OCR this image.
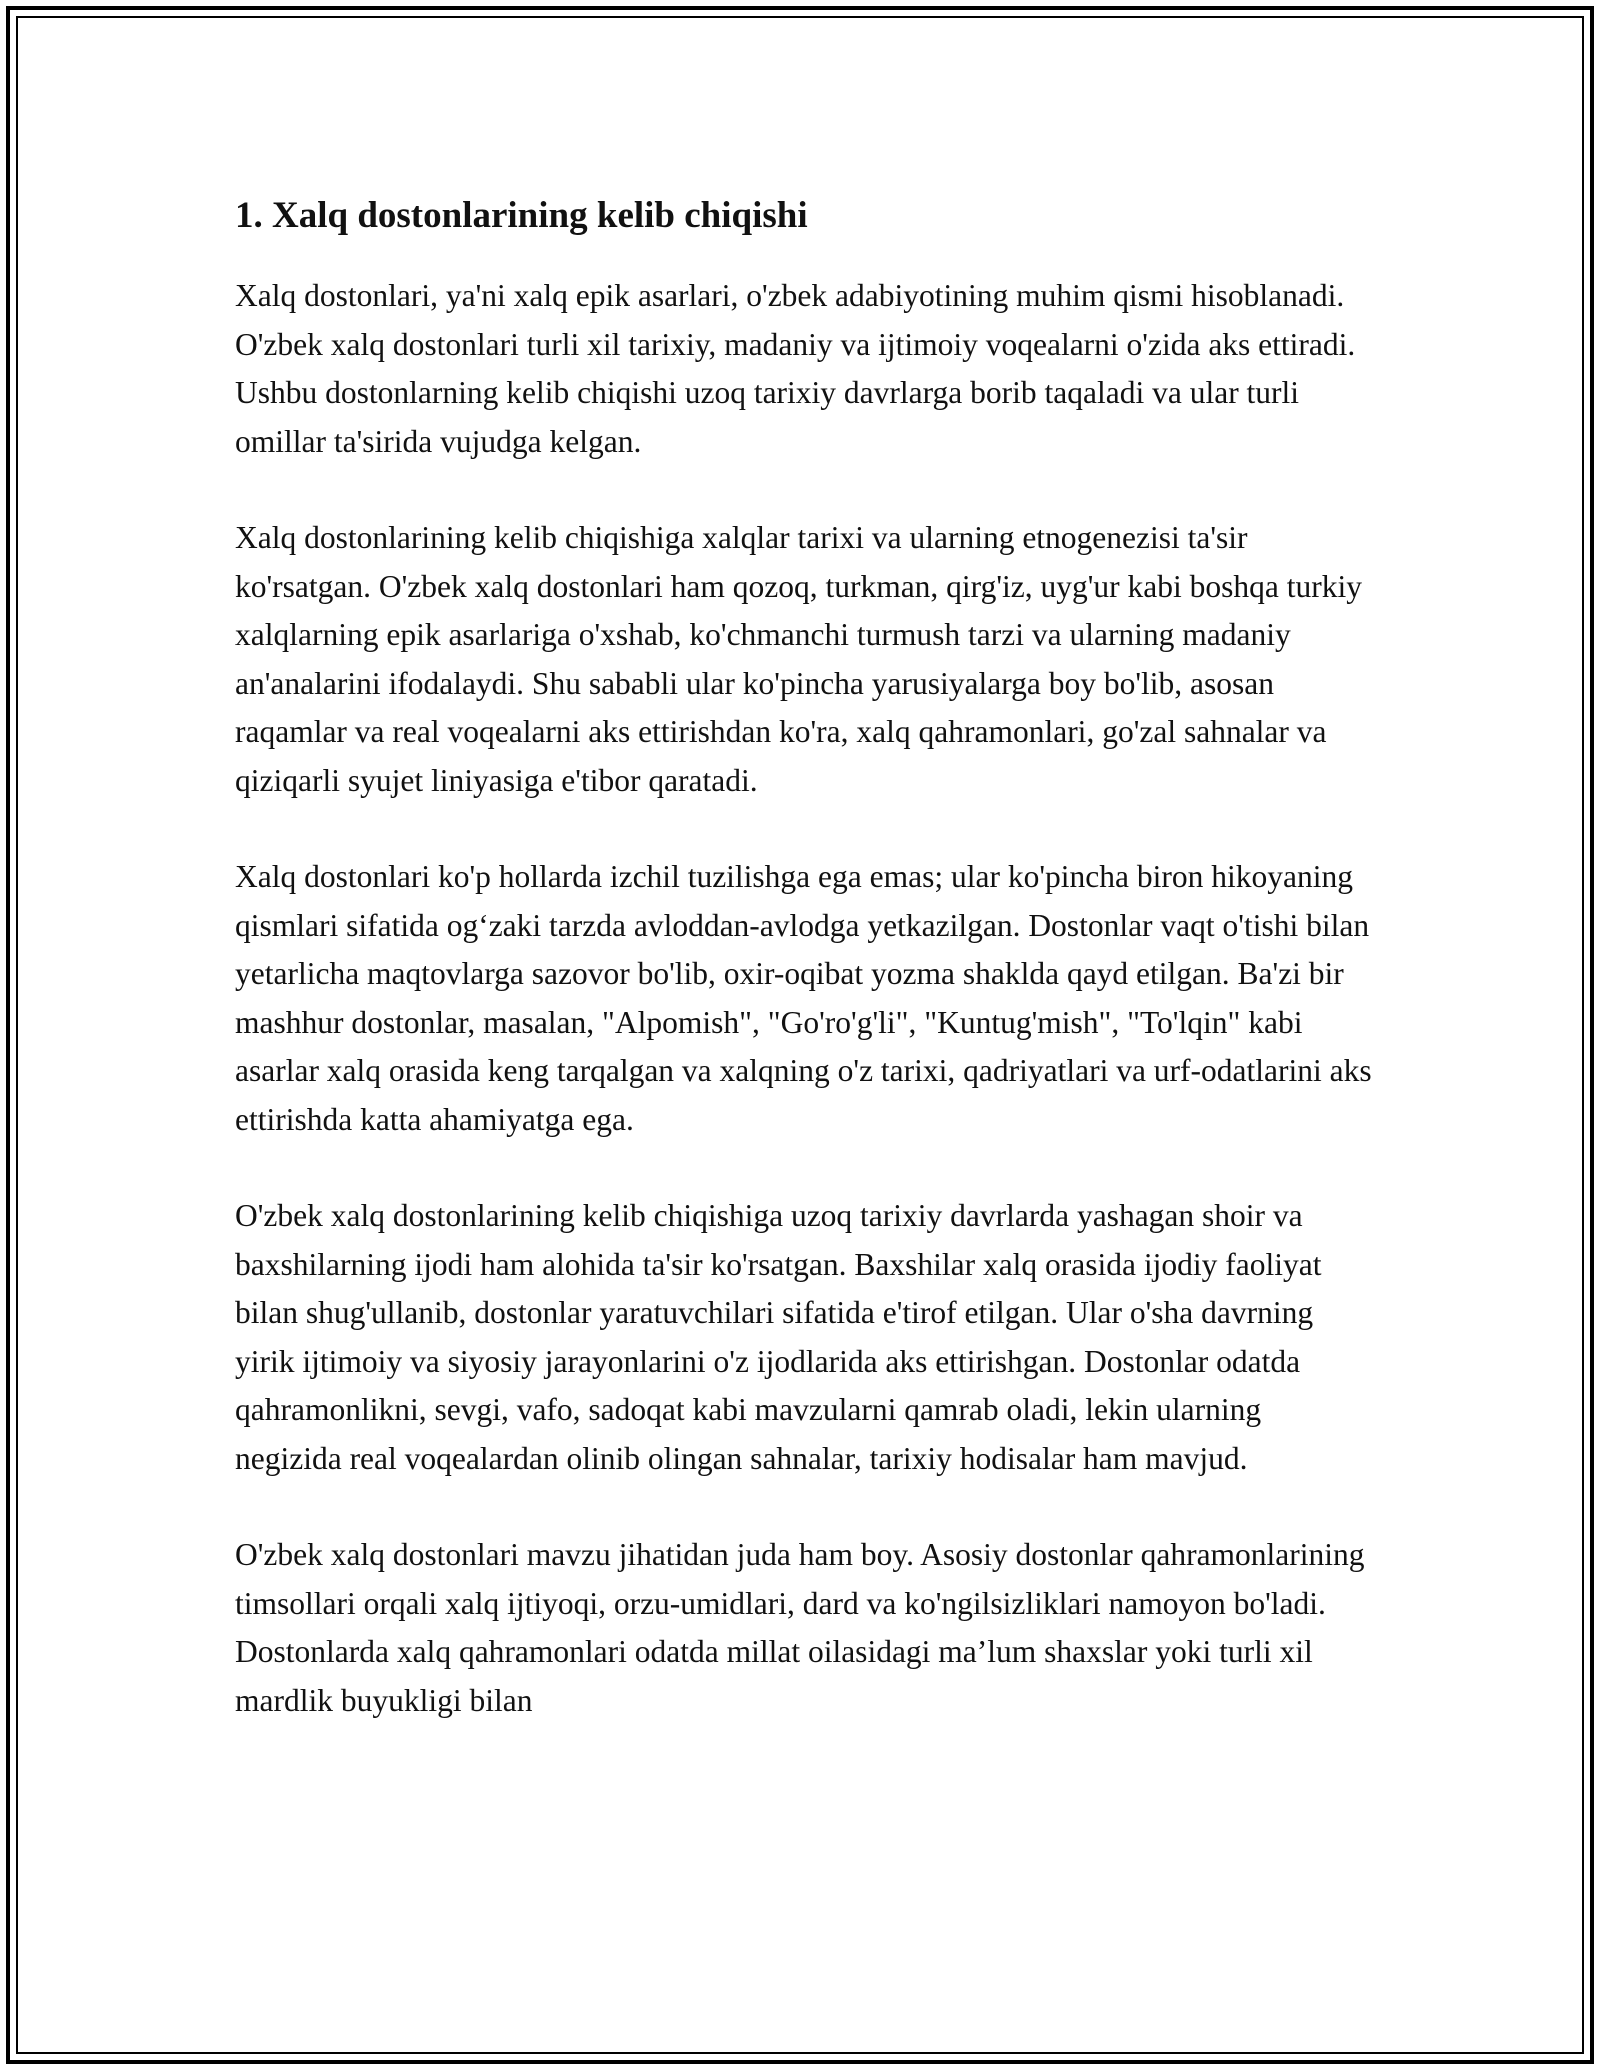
1. Xalq dostonlarining kelib chiqishi

Xalq dostonlari, ya'ni xalq epik asarlari, o'zbek adabiyotining muhim qismi hisoblanadi. O'zbek xalq dostonlari turli xil tarixiy, madaniy va ijtimoiy voqealarni o'zida aks ettiradi. Ushbu dostonlarning kelib chiqishi uzoq tarixiy davrlarga borib taqaladi va ular turli omillar ta'sirida vujudga kelgan.

Xalq dostonlarining kelib chiqishiga xalqlar tarixi va ularning etnogenezisi ta'sir ko'rsatgan. O'zbek xalq dostonlari ham qozoq, turkman, qirg'iz, uyg'ur kabi boshqa turkiy xalqlarning epik asarlariga o'xshab, ko'chmanchi turmush tarzi va ularning madaniy an'analarini ifodalaydi. Shu sababli ular ko'pincha yarusiyalarga boy bo'lib, asosan raqamlar va real voqealarni aks ettirishdan ko'ra, xalq qahramonlari, go'zal sahnalar va qiziqarli syujet liniyasiga e'tibor qaratadi.

Xalq dostonlari ko'p hollarda izchil tuzilishga ega emas; ular ko'pincha biron hikoyaning qismlari sifatida og‘zaki tarzda avloddan-avlodga yetkazilgan. Dostonlar vaqt o'tishi bilan yetarlicha maqtovlarga sazovor bo'lib, oxir-oqibat yozma shaklda qayd etilgan. Ba'zi bir mashhur dostonlar, masalan, "Alpomish", "Go'ro'g'li", "Kuntug'mish", "To'lqin" kabi asarlar xalq orasida keng tarqalgan va xalqning o'z tarixi, qadriyatlari va urf-odatlarini aks ettirishda katta ahamiyatga ega.

O'zbek xalq dostonlarining kelib chiqishiga uzoq tarixiy davrlarda yashagan shoir va baxshilarning ijodi ham alohida ta'sir ko'rsatgan. Baxshilar xalq orasida ijodiy faoliyat bilan shug'ullanib, dostonlar yaratuvchilari sifatida e'tirof etilgan. Ular o'sha davrning yirik ijtimoiy va siyosiy jarayonlarini o'z ijodlarida aks ettirishgan. Dostonlar odatda qahramonlikni, sevgi, vafo, sadoqat kabi mavzularni qamrab oladi, lekin ularning negizida real voqealardan olinib olingan sahnalar, tarixiy hodisalar ham mavjud.

O'zbek xalq dostonlari mavzu jihatidan juda ham boy. Asosiy dostonlar qahramonlarining timsollari orqali xalq ijtiyoqi, orzu-umidlari, dard va ko'ngilsizliklari namoyon bo'ladi. Dostonlarda xalq qahramonlari odatda millat oilasidagi ma’lum shaxslar yoki turli xil mardlik buyukligi bilan
